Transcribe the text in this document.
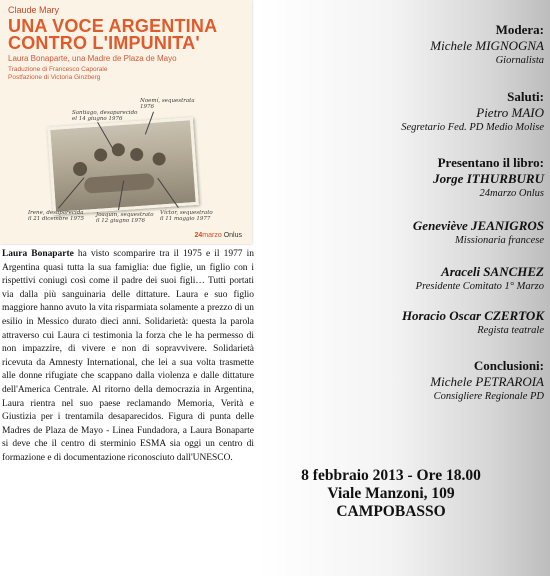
Claude Mary
UNA VOCE ARGENTINA
CONTRO L'IMPUNITA'
Laura Bonaparte, una Madre de Plaza de Mayo
Traduzione di Francesco Caporale
Postfazione di Victoria Ginzberg
Santiago, desaparecido
el 14 giugno 1976
Noemí, sequestrata
1976
Irene, desaparecida
il 21 dicembre 1975
Joaquin, sequestrato
il 12 giugno 1976
Víctor, sequestrato
il 11 maggio 1977
24marzo Onlus
Laura Bonaparte ha visto scomparire tra il 1975 e il 1977 in Argentina quasi tutta la sua famiglia: due figlie, un figlio con i rispettivi coniugi così come il padre dei suoi figli… Tutti portati via dalla più sanguinaria delle dittature. Laura e suo figlio maggiore hanno avuto la vita risparmiata solamente a prezzo di un esilio in Messico durato dieci anni. Solidarietà: questa la parola attraverso cui Laura ci testimonia la forza che le ha permesso di non impazzire, di vivere e non di sopravvivere. Solidarietà ricevuta da Amnesty International, che lei a sua volta trasmette alle donne rifugiate che scappano dalla violenza e dalle dittature dell'America Centrale. Al ritorno della democrazia in Argentina, Laura rientra nel suo paese reclamando Memoria, Verità e Giustizia per i trentamila desaparecidos. Figura di punta delle Madres de Plaza de Mayo - Linea Fundadora, a Laura Bonaparte si deve che il centro di sterminio ESMA sia oggi un centro di formazione e di documentazione riconosciuto dall'UNESCO.
Modera:
Michele MIGNOGNA
Giornalista
Saluti:
Pietro MAIO
Segretario Fed. PD Medio Molise
Presentano il libro:
Jorge ITHURBURU
24marzo Onlus
Geneviève JEANIGROS
Missionaria francese
Araceli SANCHEZ
Presidente Comitato 1° Marzo
Horacio Oscar CZERTOK
Regista teatrale
Conclusioni:
Michele PETRAROIA
Consigliere Regionale PD
8 febbraio 2013 - Ore 18.00
Viale Manzoni, 109
CAMPOBASSO
